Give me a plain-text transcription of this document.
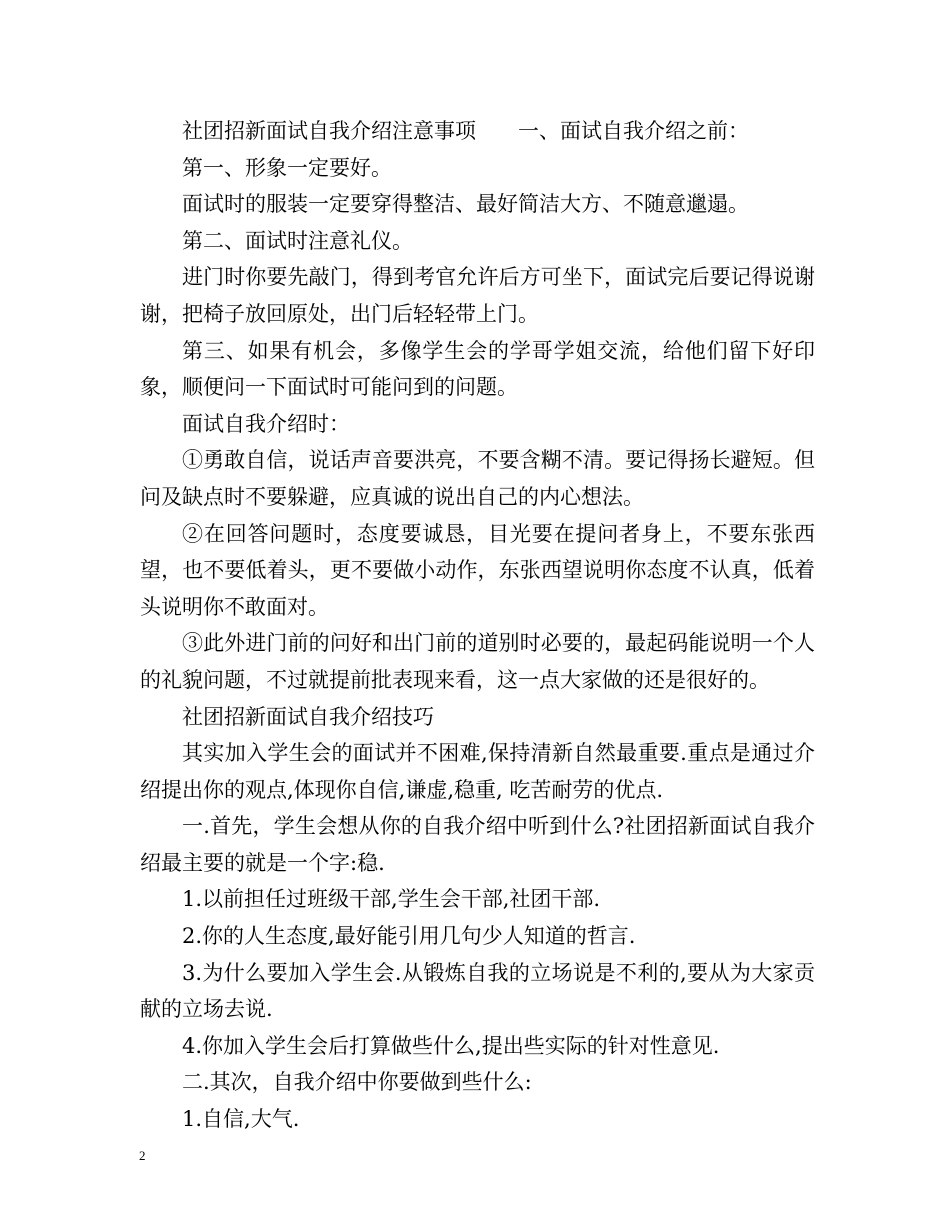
社团招新面试自我介绍注意事项　　一、面试自我介绍之前：

第一、形象一定要好。

面试时的服装一定要穿得整洁、最好简洁大方、不随意邋遢。

第二、面试时注意礼仪。

进门时你要先敲门，得到考官允许后方可坐下，面试完后要记得说谢谢，把椅子放回原处，出门后轻轻带上门。

第三、如果有机会，多像学生会的学哥学姐交流，给他们留下好印象，顺便问一下面试时可能问到的问题。

面试自我介绍时：

①勇敢自信，说话声音要洪亮，不要含糊不清。要记得扬长避短。但问及缺点时不要躲避，应真诚的说出自己的内心想法。

②在回答问题时，态度要诚恳，目光要在提问者身上，不要东张西望，也不要低着头，更不要做小动作，东张西望说明你态度不认真，低着头说明你不敢面对。

③此外进门前的问好和出门前的道别时必要的，最起码能说明一个人的礼貌问题，不过就提前批表现来看，这一点大家做的还是很好的。

社团招新面试自我介绍技巧

其实加入学生会的面试并不困难,保持清新自然最重要.重点是通过介绍提出你的观点,体现你自信,谦虚,稳重, 吃苦耐劳的优点.

一.首先，学生会想从你的自我介绍中听到什么?社团招新面试自我介绍最主要的就是一个字:稳.

1.以前担任过班级干部,学生会干部,社团干部.

2.你的人生态度,最好能引用几句少人知道的哲言.

3.为什么要加入学生会.从锻炼自我的立场说是不利的,要从为大家贡献的立场去说.

4.你加入学生会后打算做些什么,提出些实际的针对性意见.

二.其次，自我介绍中你要做到些什么:

1.自信,大气.

2
